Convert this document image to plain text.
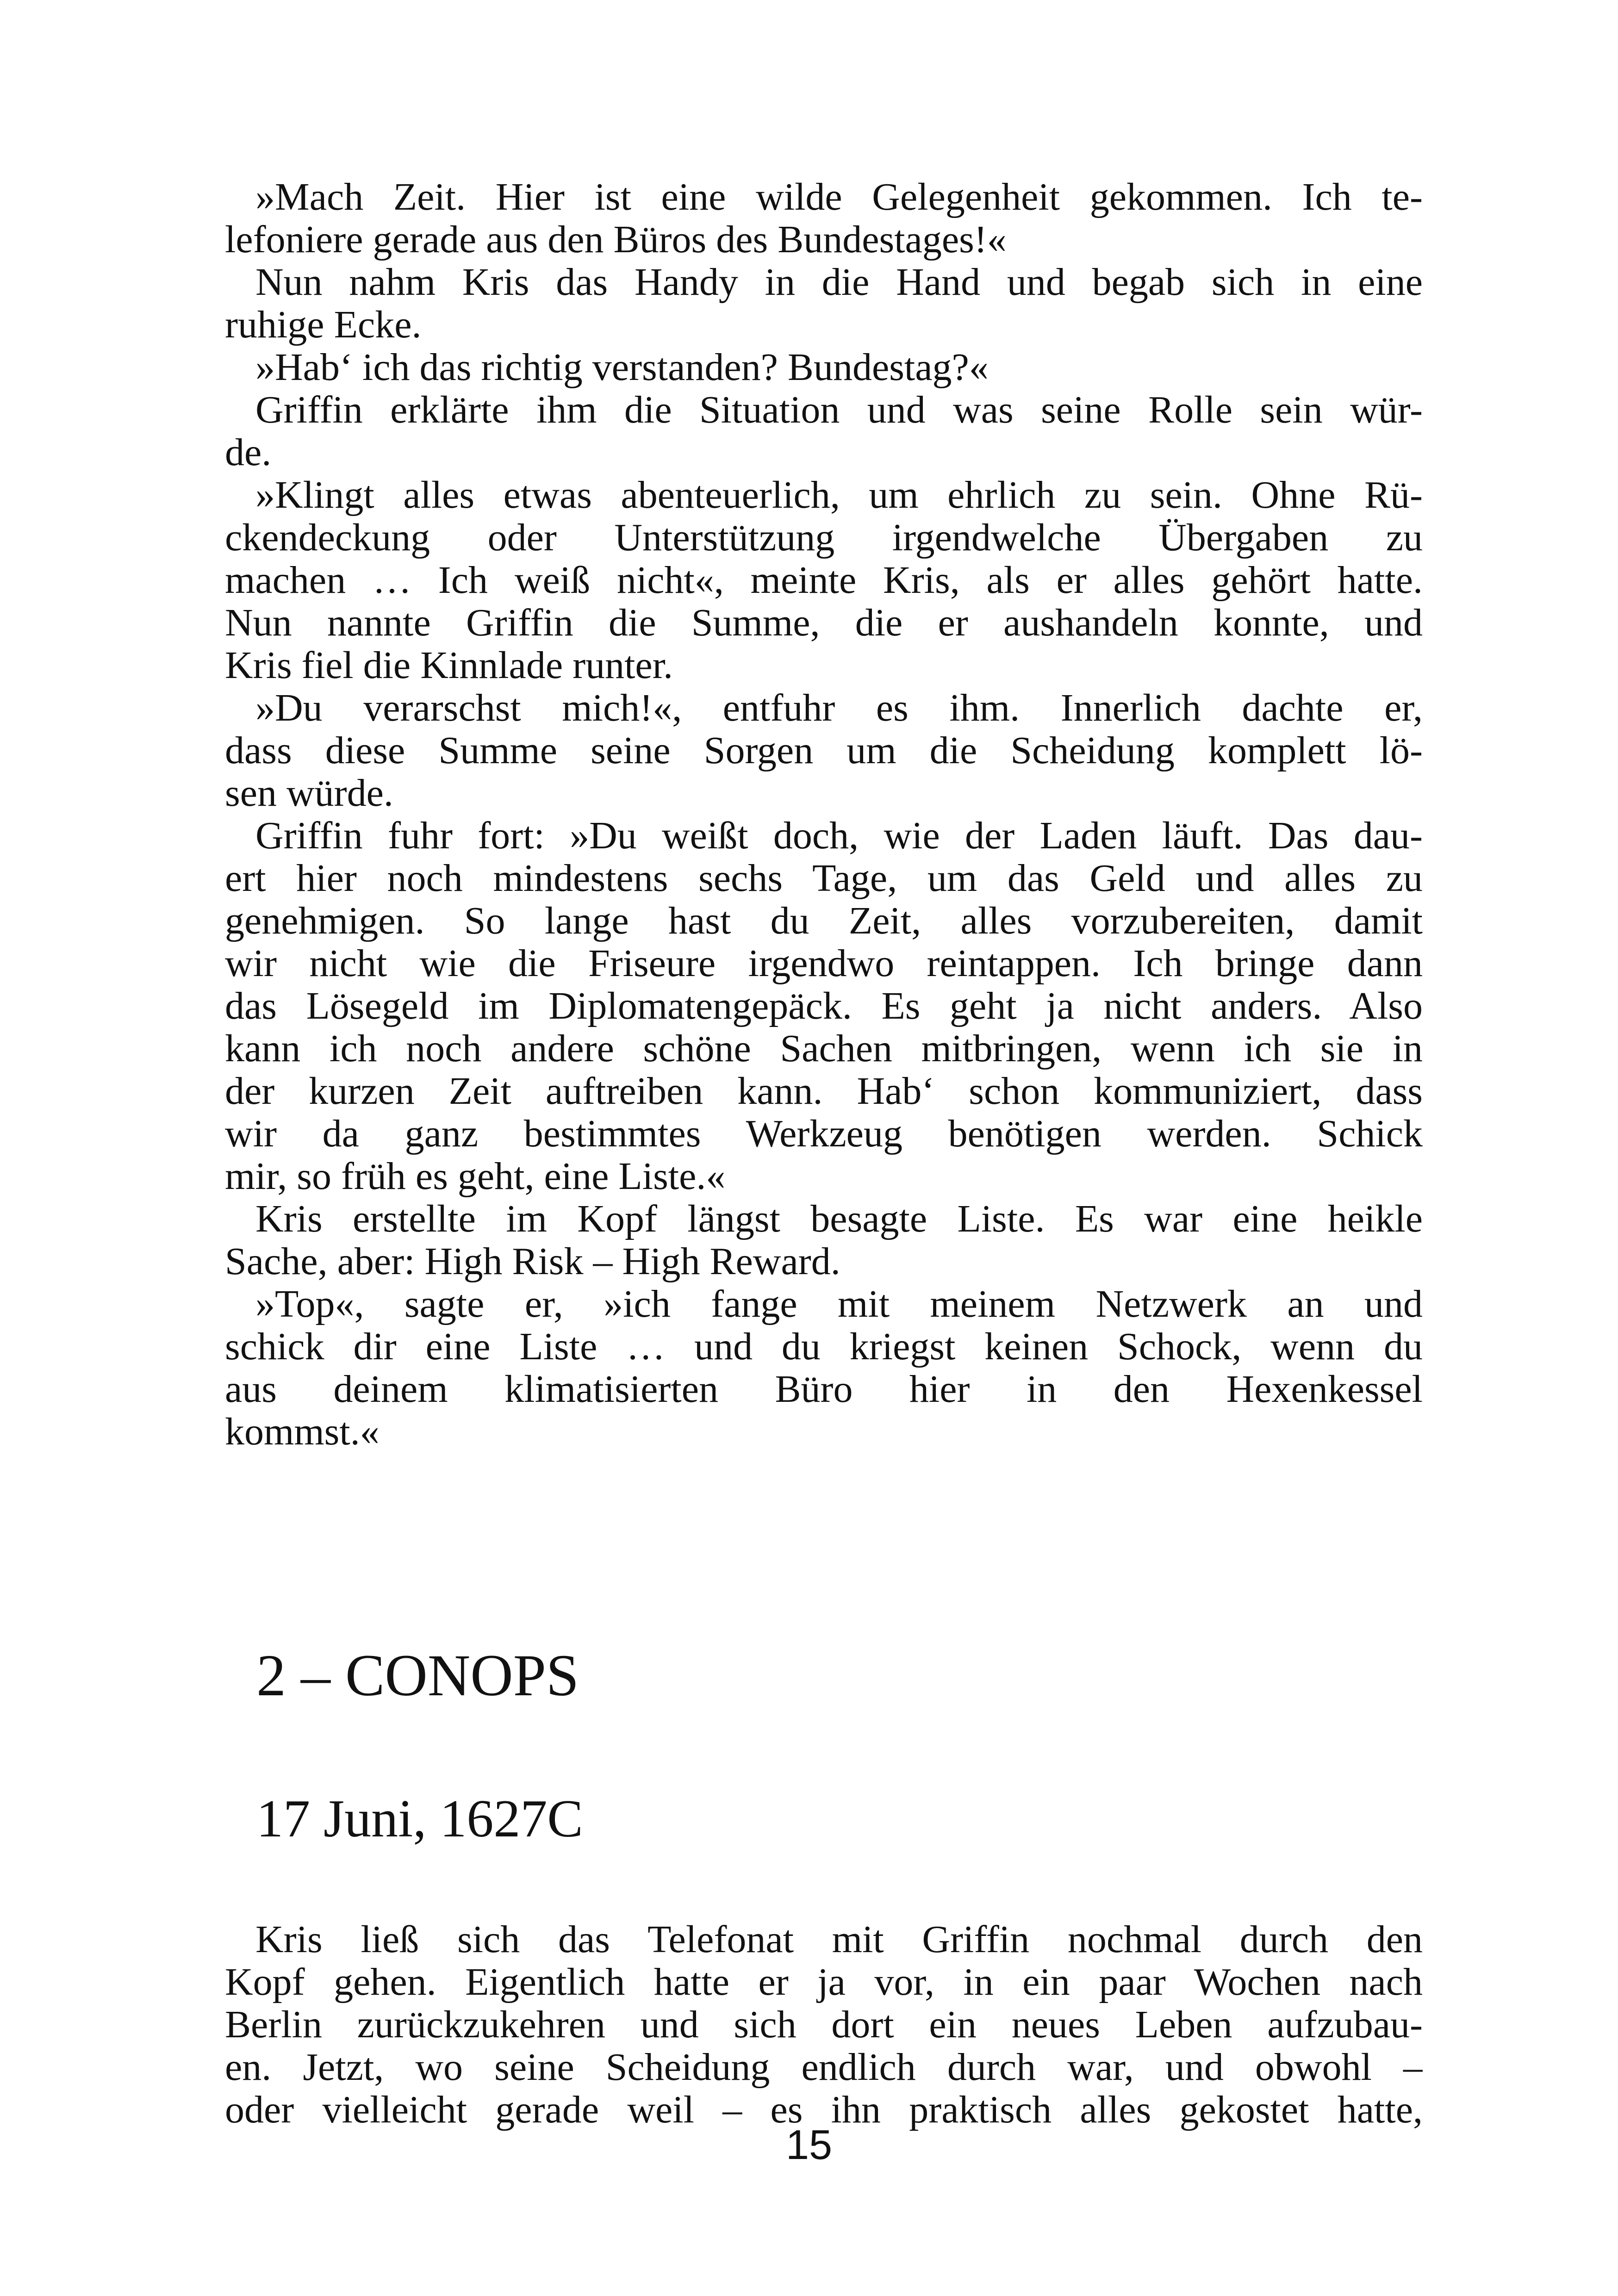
»Mach Zeit. Hier ist eine wilde Gelegenheit gekommen. Ich te-
lefoniere gerade aus den Büros des Bundestages!«
Nun nahm Kris das Handy in die Hand und begab sich in eine
ruhige Ecke.
»Hab‘ ich das richtig verstanden? Bundestag?«
Griffin erklärte ihm die Situation und was seine Rolle sein wür-
de.
»Klingt alles etwas abenteuerlich, um ehrlich zu sein. Ohne Rü-
ckendeckung oder Unterstützung irgendwelche Übergaben zu
machen … Ich weiß nicht«, meinte Kris, als er alles gehört hatte.
Nun nannte Griffin die Summe, die er aushandeln konnte, und
Kris fiel die Kinnlade runter.
»Du verarschst mich!«, entfuhr es ihm. Innerlich dachte er,
dass diese Summe seine Sorgen um die Scheidung komplett lö-
sen würde.
Griffin fuhr fort: »Du weißt doch, wie der Laden läuft. Das dau-
ert hier noch mindestens sechs Tage, um das Geld und alles zu
genehmigen. So lange hast du Zeit, alles vorzubereiten, damit
wir nicht wie die Friseure irgendwo reintappen. Ich bringe dann
das Lösegeld im Diplomatengepäck. Es geht ja nicht anders. Also
kann ich noch andere schöne Sachen mitbringen, wenn ich sie in
der kurzen Zeit auftreiben kann. Hab‘ schon kommuniziert, dass
wir da ganz bestimmtes Werkzeug benötigen werden. Schick
mir, so früh es geht, eine Liste.«
Kris erstellte im Kopf längst besagte Liste. Es war eine heikle
Sache, aber: High Risk – High Reward.
»Top«, sagte er, »ich fange mit meinem Netzwerk an und
schick dir eine Liste … und du kriegst keinen Schock, wenn du
aus deinem klimatisierten Büro hier in den Hexenkessel
kommst.«
2 – CONOPS
17 Juni, 1627C
Kris ließ sich das Telefonat mit Griffin nochmal durch den
Kopf gehen. Eigentlich hatte er ja vor, in ein paar Wochen nach
Berlin zurückzukehren und sich dort ein neues Leben aufzubau-
en. Jetzt, wo seine Scheidung endlich durch war, und obwohl –
oder vielleicht gerade weil – es ihn praktisch alles gekostet hatte,
15
